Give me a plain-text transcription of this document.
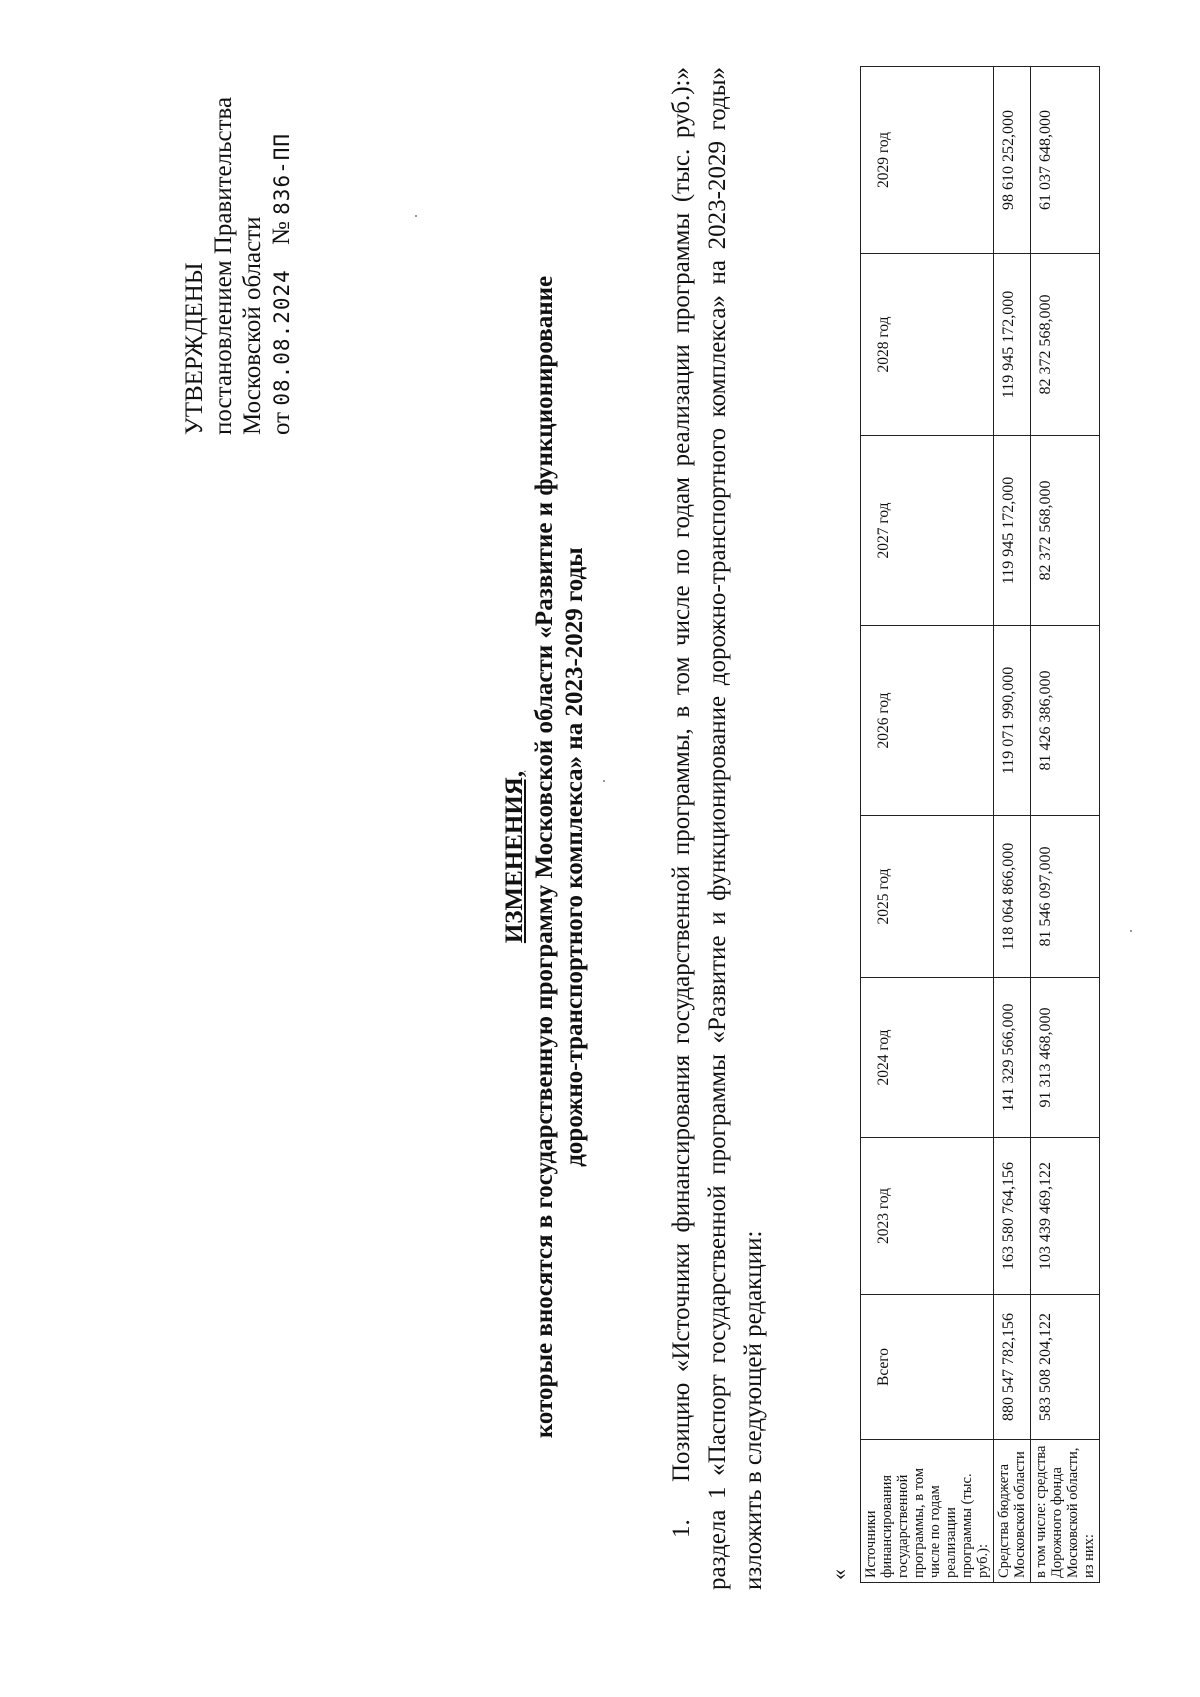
УТВЕРЖДЕНЫ постановлением Правительства Московской области от 08.08.2024 № 836-ПП
ИЗМЕНЕНИЯ, которые вносятся в государственную программу Московской области «Развитие и функционирование дорожно-транспортного комплекса» на 2023-2029 годы
1.Позицию «Источники финансирования государственной программы, в том числе по годам реализации программы (тыс. руб.):» раздела 1 «Паспорт государственной программы «Развитие и функционирование дорожно-транспортного комплекса» на 2023-2029 годы» изложить в следующей редакции:	« Источники финансирования государственной программы, в том числе по годам реализации программы (тыс. руб.):	Всего	2023 год	2024 год	2025 год	2026 год	2027 год	2028 год	2029 год
Средства бюджета Московской области	880 547 782,156	163 580 764,156	141 329 566,000	118 064 866,000	119 071 990,000	119 945 172,000	119 945 172,000	98 610 252,000
в том числе: средства Дорожного фонда Московской области, из них:	583 508 204,122	103 439 469,122	91 313 468,000	81 546 097,000	81 426 386,000	82 372 568,000	82 372 568,000	61 037 648,000
